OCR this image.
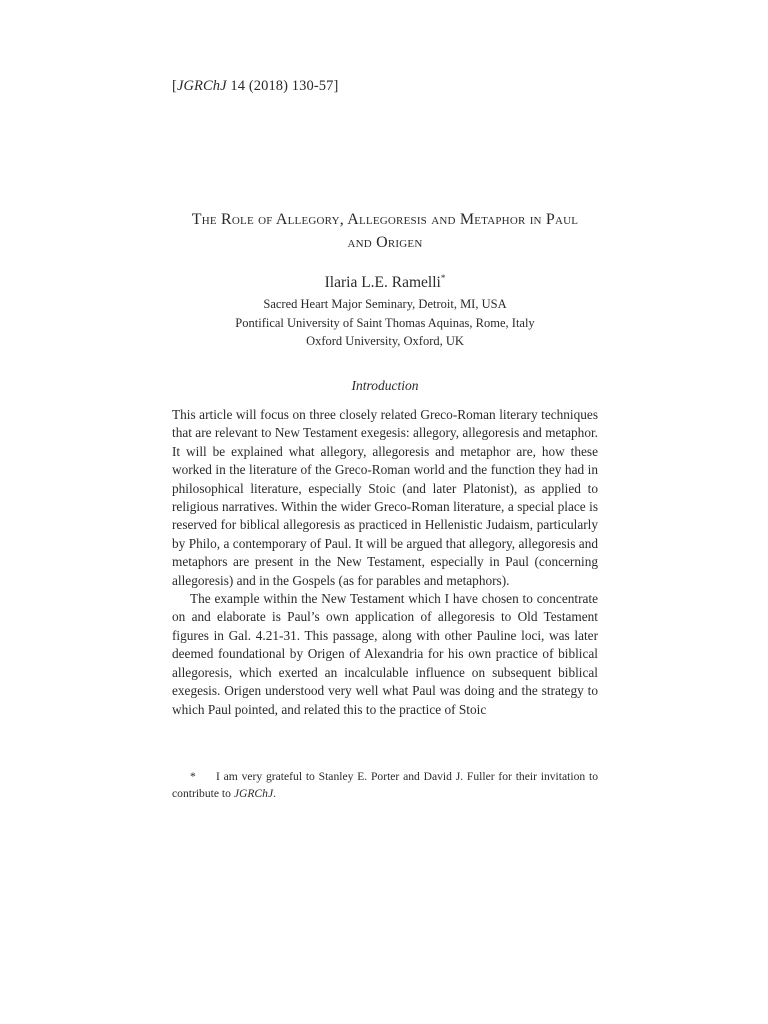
[JGRChJ 14 (2018) 130-57]
The Role of Allegory, Allegoresis and Metaphor in Paul
and Origen
Ilaria L.E. Ramelli*
Sacred Heart Major Seminary, Detroit, MI, USA
Pontifical University of Saint Thomas Aquinas, Rome, Italy
Oxford University, Oxford, UK
Introduction

This article will focus on three closely related Greco-Roman literary techniques that are relevant to New Testament exegesis: allegory, allegoresis and metaphor. It will be explained what allegory, allegoresis and metaphor are, how these worked in the literature of the Greco-Roman world and the function they had in philosophical literature, especially Stoic (and later Platonist), as applied to religious narratives. Within the wider Greco-Roman literature, a special place is reserved for biblical allegoresis as practiced in Hellenistic Judaism, particularly by Philo, a contemporary of Paul. It will be argued that allegory, allegoresis and metaphors are present in the New Testament, especially in Paul (concerning allegoresis) and in the Gospels (as for parables and metaphors).

The example within the New Testament which I have chosen to concentrate on and elaborate is Paul’s own application of allegoresis to Old Testament figures in Gal. 4.21-31. This passage, along with other Pauline loci, was later deemed foundational by Origen of Alexandria for his own practice of biblical allegoresis, which exerted an incalculable influence on subsequent biblical exegesis. Origen understood very well what Paul was doing and the strategy to which Paul pointed, and related this to the practice of Stoic

* I am very grateful to Stanley E. Porter and David J. Fuller for their invitation to contribute to JGRChJ.
